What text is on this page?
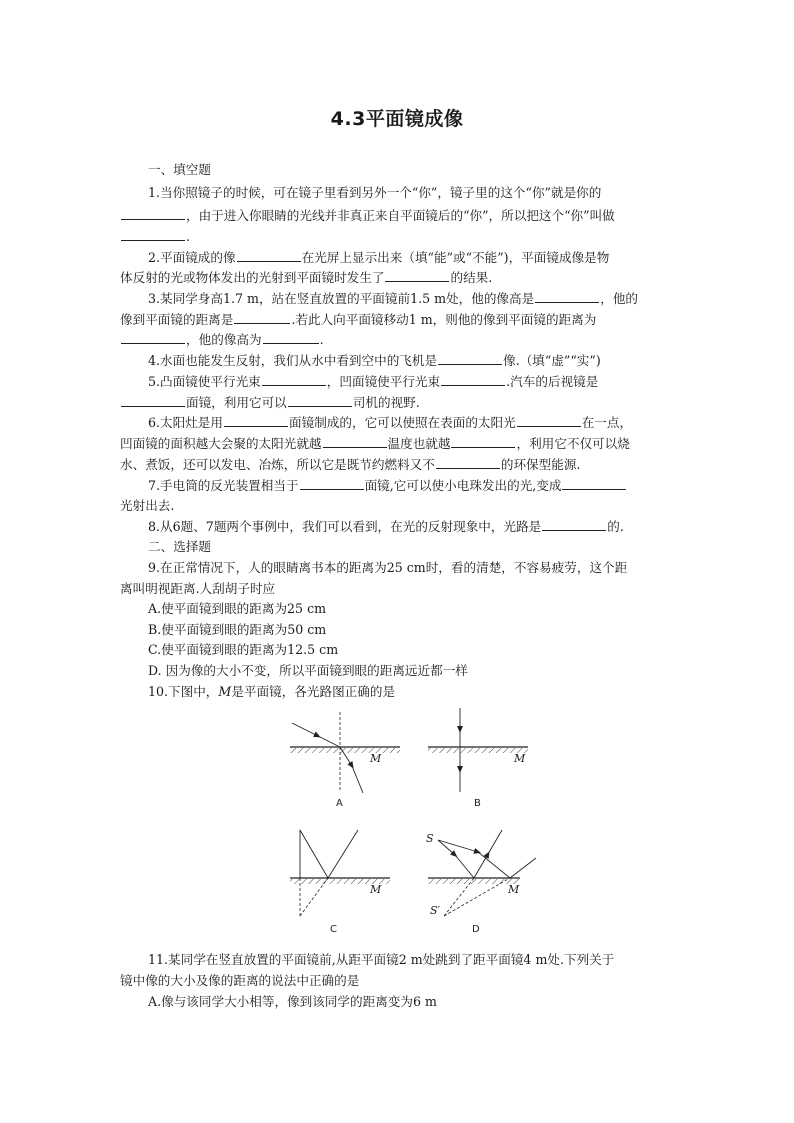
4.3平面镜成像
一、填空题
1.当你照镜子的时候，可在镜子里看到另外一个“你”，镜子里的这个“你”就是你的
，由于进入你眼睛的光线并非真正来自平面镜后的“你”，所以把这个“你”叫做
.
2.平面镜成的像	在光屏上显示出来（填“能”或“不能”)，平面镜成像是物
体反射的光或物体发出的光射到平面镜时发生了	的结果.
3.某同学身高1.7 m，站在竖直放置的平面镜前1.5 m处，他的像高是	，他的
像到平面镜的距离是	.若此人向平面镜移动1 m，则他的像到平面镜的距离为
，他的像高为	.
4.水面也能发生反射，我们从水中看到空中的飞机是	像.（填“虚”“实”)
5.凸面镜使平行光束	，凹面镜使平行光束	.汽车的后视镜是
面镜，利用它可以	司机的视野.
6.太阳灶是用	面镜制成的，它可以使照在表面的太阳光	在一点，
凹面镜的面积越大会聚的太阳光就越	温度也就越	，利用它不仅可以烧
水、煮饭，还可以发电、冶炼，所以它是既节约燃料又不	的环保型能源.
7.手电筒的反光装置相当于	面镜,它可以使小电珠发出的光,变成
光射出去.
8.从6题、7题两个事例中，我们可以看到，在光的反射现象中，光路是	的.
二、选择题
9.在正常情况下，人的眼睛离书本的距离为25 cm时，看的清楚，不容易疲劳，这个距
离叫明视距离.人刮胡子时应
A.使平面镜到眼的距离为25 cm
B.使平面镜到眼的距离为50 cm
C.使平面镜到眼的距离为12.5 cm
D. 因为像的大小不变，所以平面镜到眼的距离远近都一样
10.下图中，M是平面镜，各光路图正确的是
M
A
M
B
M
C
S
S′
M
D
11.某同学在竖直放置的平面镜前,从距平面镜2 m处跳到了距平面镜4 m处.下列关于
镜中像的大小及像的距离的说法中正确的是
A.像与该同学大小相等，像到该同学的距离变为6 m
